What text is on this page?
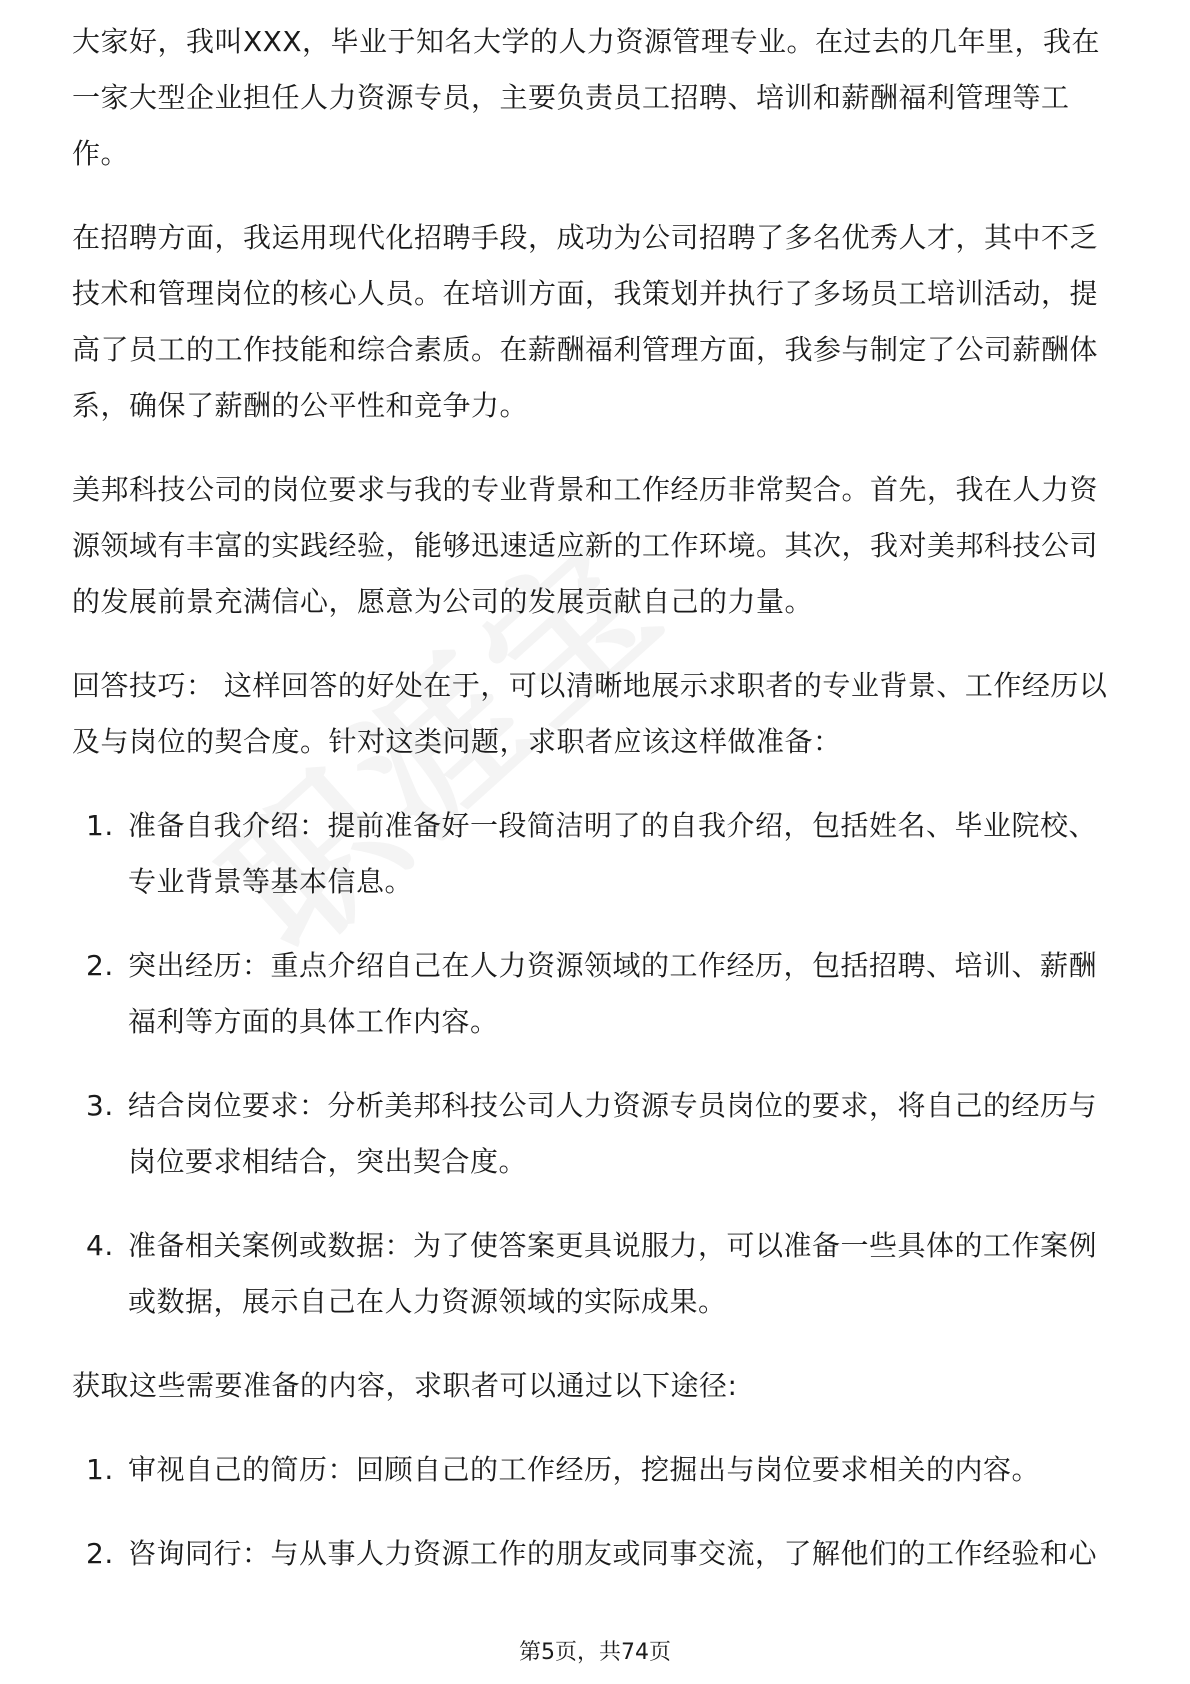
大家好，我叫XXX，毕业于知名大学的人力资源管理专业。在过去的几年里，我在一家大型企业担任人力资源专员，主要负责员工招聘、培训和薪酬福利管理等工作。

在招聘方面，我运用现代化招聘手段，成功为公司招聘了多名优秀人才，其中不乏技术和管理岗位的核心人员。在培训方面，我策划并执行了多场员工培训活动，提高了员工的工作技能和综合素质。在薪酬福利管理方面，我参与制定了公司薪酬体系，确保了薪酬的公平性和竞争力。

美邦科技公司的岗位要求与我的专业背景和工作经历非常契合。首先，我在人力资源领域有丰富的实践经验，能够迅速适应新的工作环境。其次，我对美邦科技公司的发展前景充满信心，愿意为公司的发展贡献自己的力量。

回答技巧： 这样回答的好处在于，可以清晰地展示求职者的专业背景、工作经历以及与岗位的契合度。针对这类问题，求职者应该这样做准备：

1. 准备自我介绍：提前准备好一段简洁明了的自我介绍，包括姓名、毕业院校、专业背景等基本信息。
2. 突出经历：重点介绍自己在人力资源领域的工作经历，包括招聘、培训、薪酬福利等方面的具体工作内容。
3. 结合岗位要求：分析美邦科技公司人力资源专员岗位的要求，将自己的经历与岗位要求相结合，突出契合度。
4. 准备相关案例或数据：为了使答案更具说服力，可以准备一些具体的工作案例或数据，展示自己在人力资源领域的实际成果。

获取这些需要准备的内容，求职者可以通过以下途径:

1. 审视自己的简历：回顾自己的工作经历，挖掘出与岗位要求相关的内容。
2. 咨询同行：与从事人力资源工作的朋友或同事交流，了解他们的工作经验和心
第5页，共74页
